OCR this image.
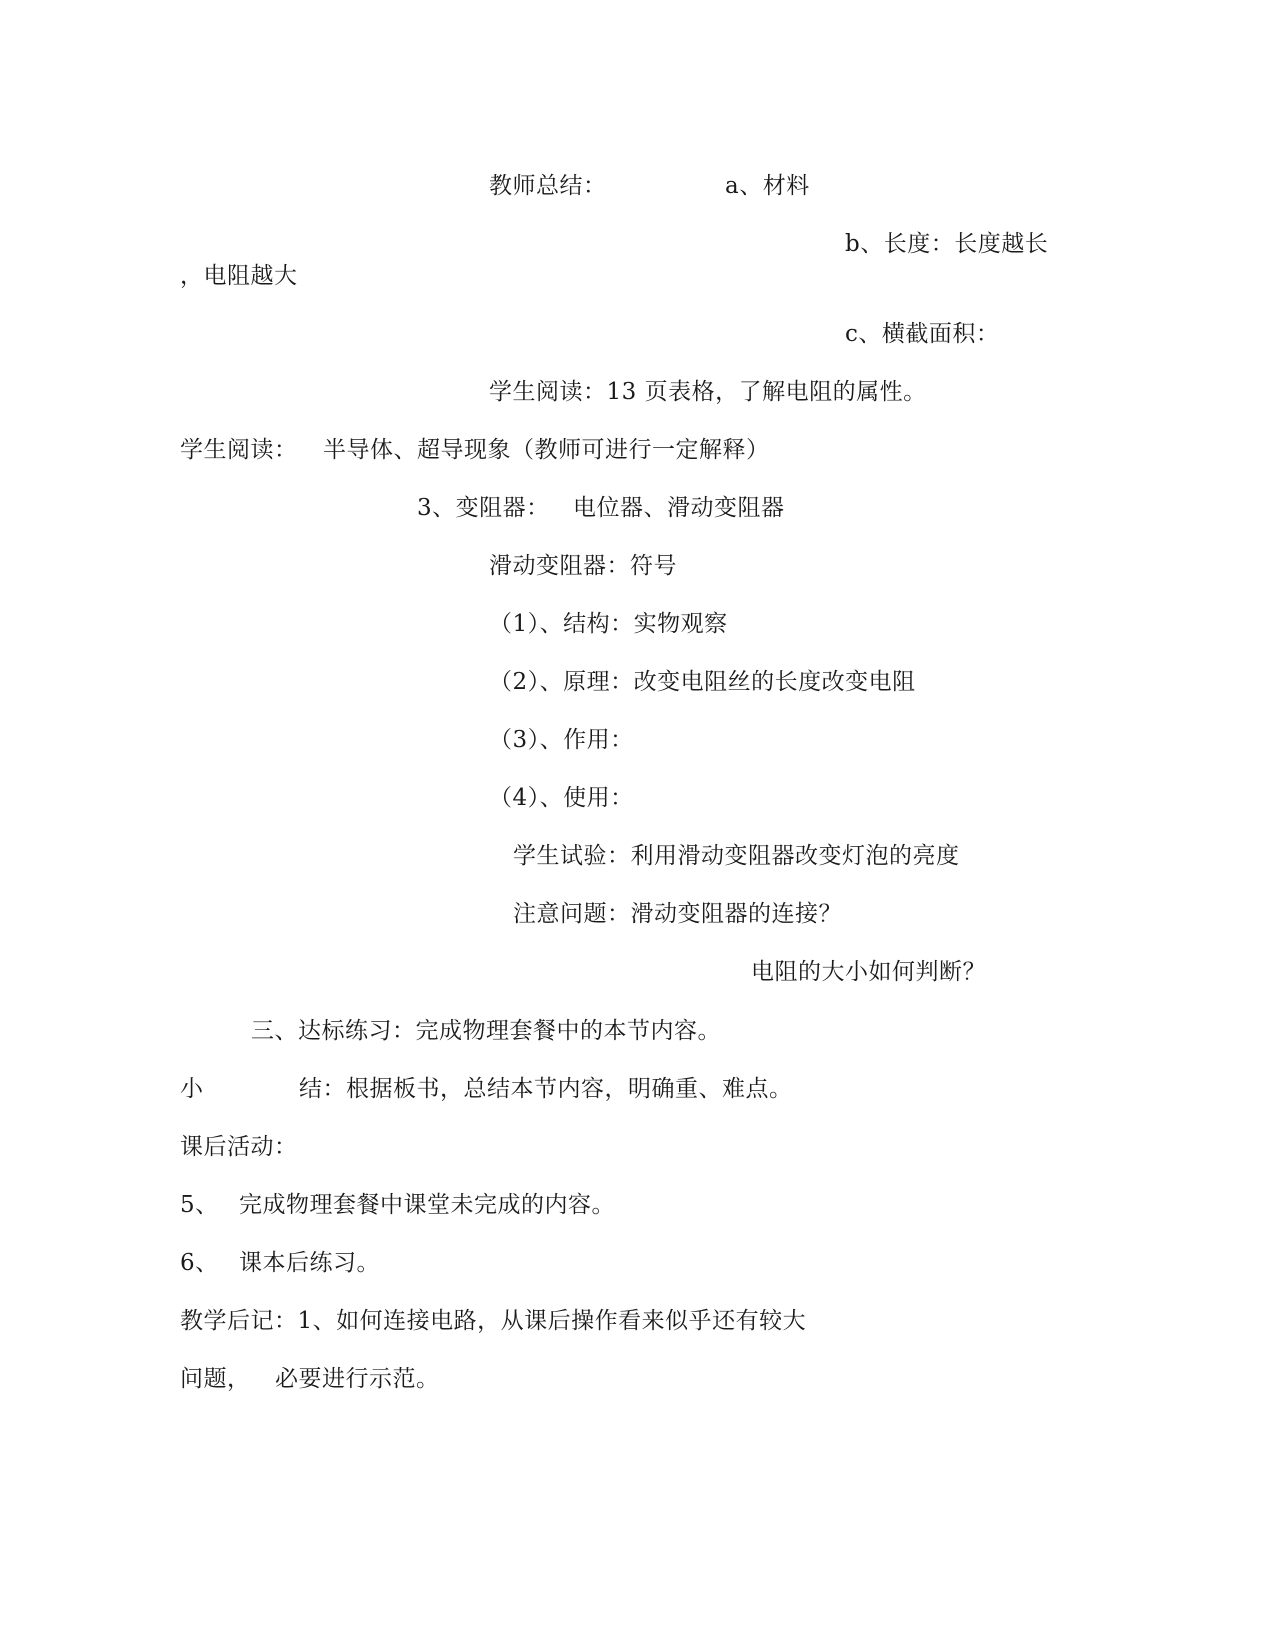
教师总结：	a、材料
b、长度：长度越长
，电阻越大
c、横截面积：
学生阅读：13 页表格，了解电阻的属性。
学生阅读： 半导体、超导现象（教师可进行一定解释）
3、变阻器： 电位器、滑动变阻器
滑动变阻器：符号
（1）、结构：实物观察
（2）、原理：改变电阻丝的长度改变电阻
（3）、作用：
（4）、使用：
学生试验：利用滑动变阻器改变灯泡的亮度
注意问题：滑动变阻器的连接？
电阻的大小如何判断？
三、达标练习：完成物理套餐中的本节内容。
小	结：根据板书，总结本节内容，明确重、难点。
课后活动：
5、 完成物理套餐中课堂未完成的内容。
6、 课本后练习。
教学后记：1、如何连接电路，从课后操作看来似乎还有较大
问题， 必要进行示范。
